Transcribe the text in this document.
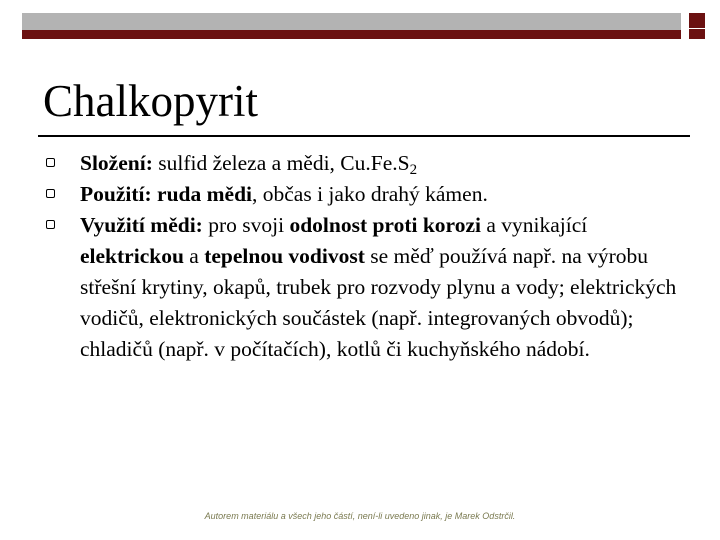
Chalkopyrit
Složení: sulfid železa a mědi, $Cu.Fe.S_2$
Použití: ruda mědi, občas i jako drahý kámen.
Využití mědi: pro svoji odolnost proti korozi a vynikající elektrickou a tepelnou vodivost se měď používá např. na výrobu střešní krytiny, okapů, trubek pro rozvody plynu a vody; elektrických vodičů, elektronických součástek (např. integrovaných obvodů); chladičů (např. v počítačích), kotlů či kuchyňského nádobí.
Autorem materiálu a všech jeho částí, není-li uvedeno jinak, je Marek Odstrčil.
